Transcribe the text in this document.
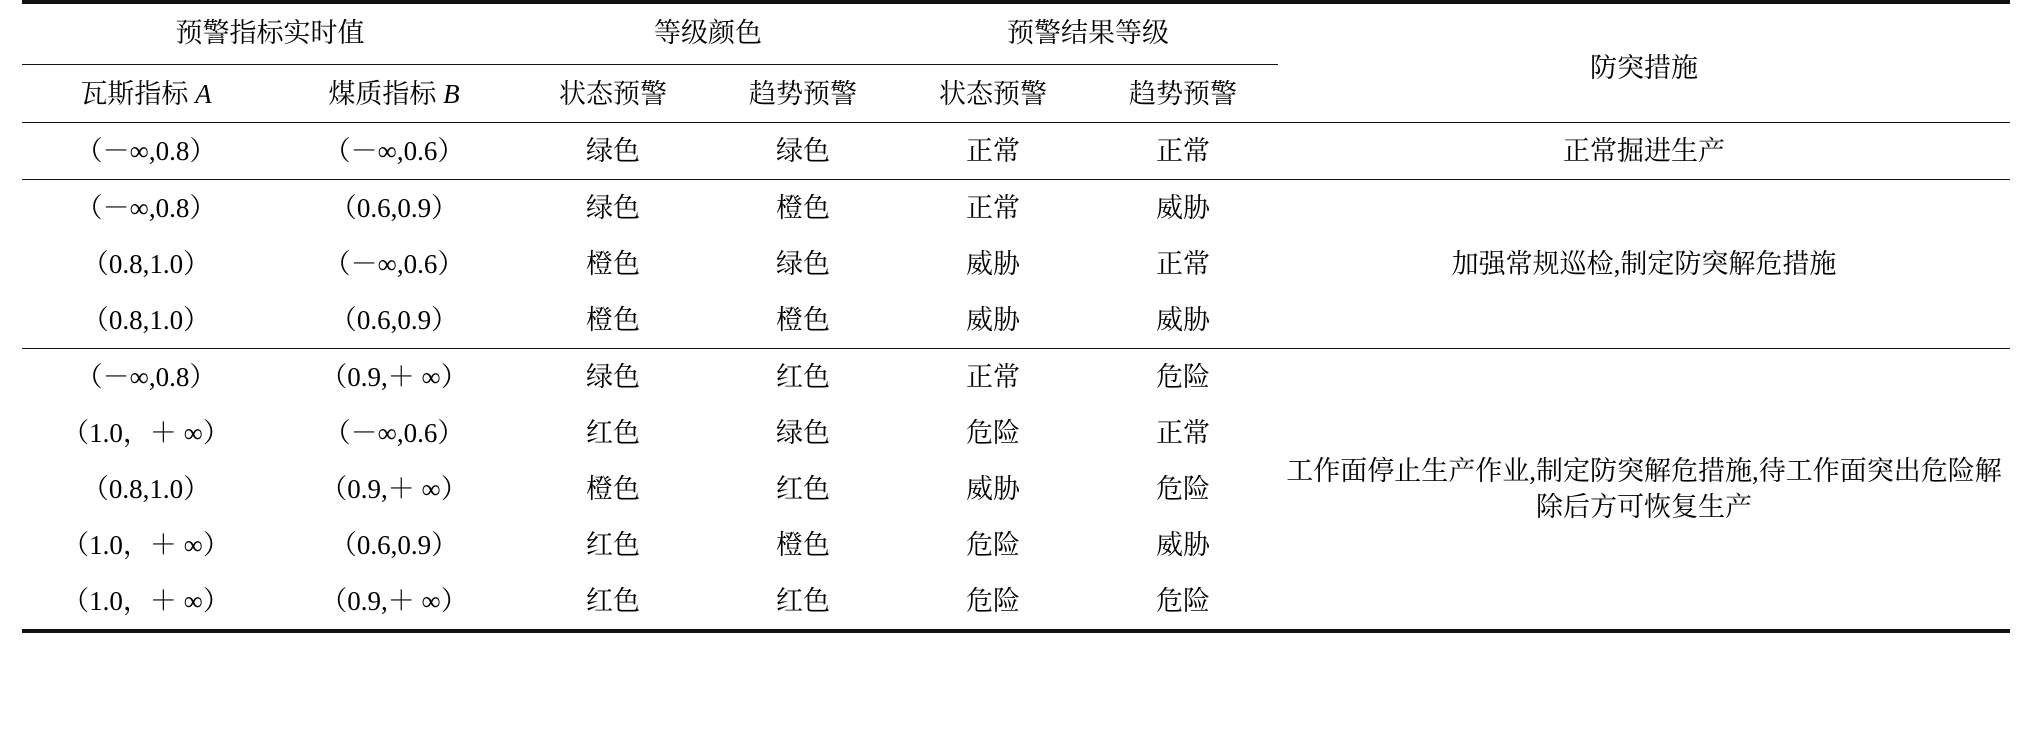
预警指标实时值		等级颜色		预警结果等级		防突措施
瓦斯指标 A	煤质指标 B	状态预警	趋势预警	状态预警	趋势预警	
（－∞,0.8）	（－∞,0.6）	绿色	绿色	正常	正常	正常掘进生产
（－∞,0.8）	（0.6,0.9）	绿色	橙色	正常	威胁	加强常规巡检,制定防突解危措施
（0.8,1.0）	（－∞,0.6）	橙色	绿色	威胁	正常	
（0.8,1.0）	（0.6,0.9）	橙色	橙色	威胁	威胁	
（－∞,0.8）	（0.9,＋ ∞）	绿色	红色	正常	危险	工作面停止生产作业,制定防突解危措施,待工作面突出危险解除后方可恢复生产
（1.0，＋ ∞）	（－∞,0.6）	红色	绿色	危险	正常	
（0.8,1.0）	（0.9,＋ ∞）	橙色	红色	威胁	危险	
（1.0，＋ ∞）	（0.6,0.9）	红色	橙色	危险	威胁	
（1.0，＋ ∞）	（0.9,＋ ∞）	红色	红色	危险	危险	
